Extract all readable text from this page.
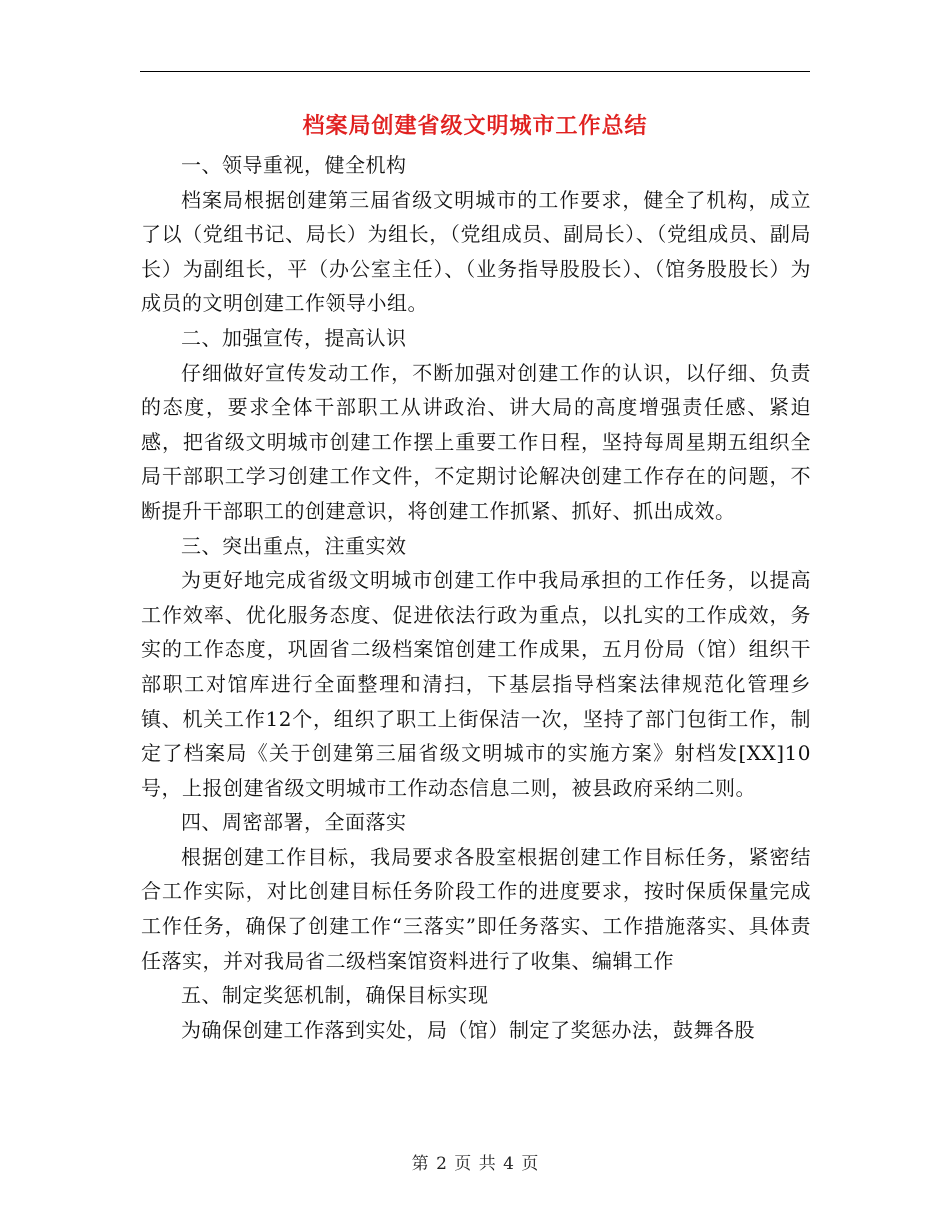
档案局创建省级文明城市工作总结

一、领导重视，健全机构

档案局根据创建第三届省级文明城市的工作要求，健全了机构，成立了以（党组书记、局长）为组长，（党组成员、副局长）、（党组成员、副局长）为副组长，平（办公室主任）、（业务指导股股长）、（馆务股股长）为成员的文明创建工作领导小组。

二、加强宣传，提高认识

仔细做好宣传发动工作，不断加强对创建工作的认识，以仔细、负责的态度，要求全体干部职工从讲政治、讲大局的高度增强责任感、紧迫感，把省级文明城市创建工作摆上重要工作日程，坚持每周星期五组织全局干部职工学习创建工作文件，不定期讨论解决创建工作存在的问题，不断提升干部职工的创建意识，将创建工作抓紧、抓好、抓出成效。

三、突出重点，注重实效

为更好地完成省级文明城市创建工作中我局承担的工作任务，以提高工作效率、优化服务态度、促进依法行政为重点，以扎实的工作成效，务实的工作态度，巩固省二级档案馆创建工作成果，五月份局（馆）组织干部职工对馆库进行全面整理和清扫，下基层指导档案法律规范化管理乡镇、机关工作12个，组织了职工上街保洁一次，坚持了部门包街工作，制定了档案局《关于创建第三届省级文明城市的实施方案》射档发[XX]10号，上报创建省级文明城市工作动态信息二则，被县政府采纳二则。

四、周密部署，全面落实

根据创建工作目标，我局要求各股室根据创建工作目标任务，紧密结合工作实际，对比创建目标任务阶段工作的进度要求，按时保质保量完成工作任务，确保了创建工作“三落实”即任务落实、工作措施落实、具体责任落实，并对我局省二级档案馆资料进行了收集、编辑工作

五、制定奖惩机制，确保目标实现

为确保创建工作落到实处，局（馆）制定了奖惩办法，鼓舞各股

第 2 页 共 4 页
